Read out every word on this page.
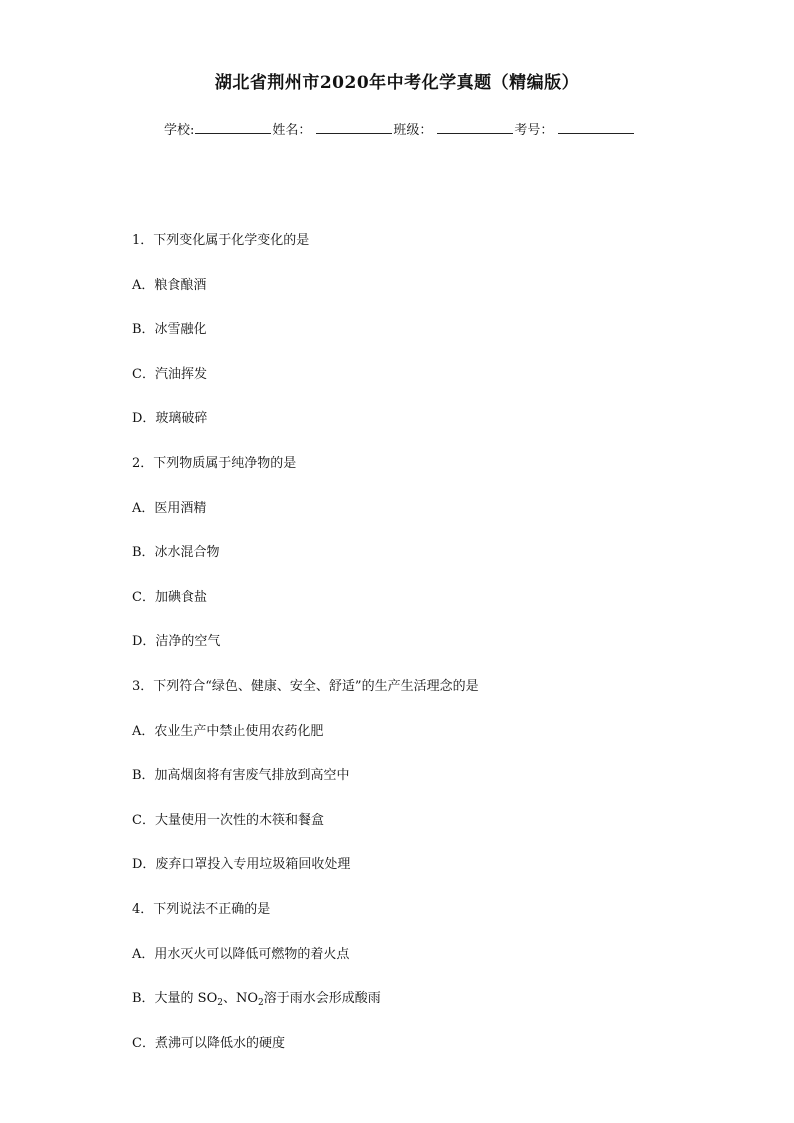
湖北省荆州市2020年中考化学真题（精编版）
学校:	姓名：	班级：	考号：
1．下列变化属于化学变化的是
A．粮食酿酒
B．冰雪融化
C．汽油挥发
D．玻璃破碎
2．下列物质属于纯净物的是
A．医用酒精
B．冰水混合物
C．加碘食盐
D．洁净的空气
3．下列符合“绿色、健康、安全、舒适”的生产生活理念的是
A．农业生产中禁止使用农药化肥
B．加高烟囱将有害废气排放到高空中
C．大量使用一次性的木筷和餐盒
D．废弃口罩投入专用垃圾箱回收处理
4．下列说法不正确的是
A．用水灭火可以降低可燃物的着火点
B．大量的 $SO_2$、$NO_2$溶于雨水会形成酸雨
C．煮沸可以降低水的硬度
